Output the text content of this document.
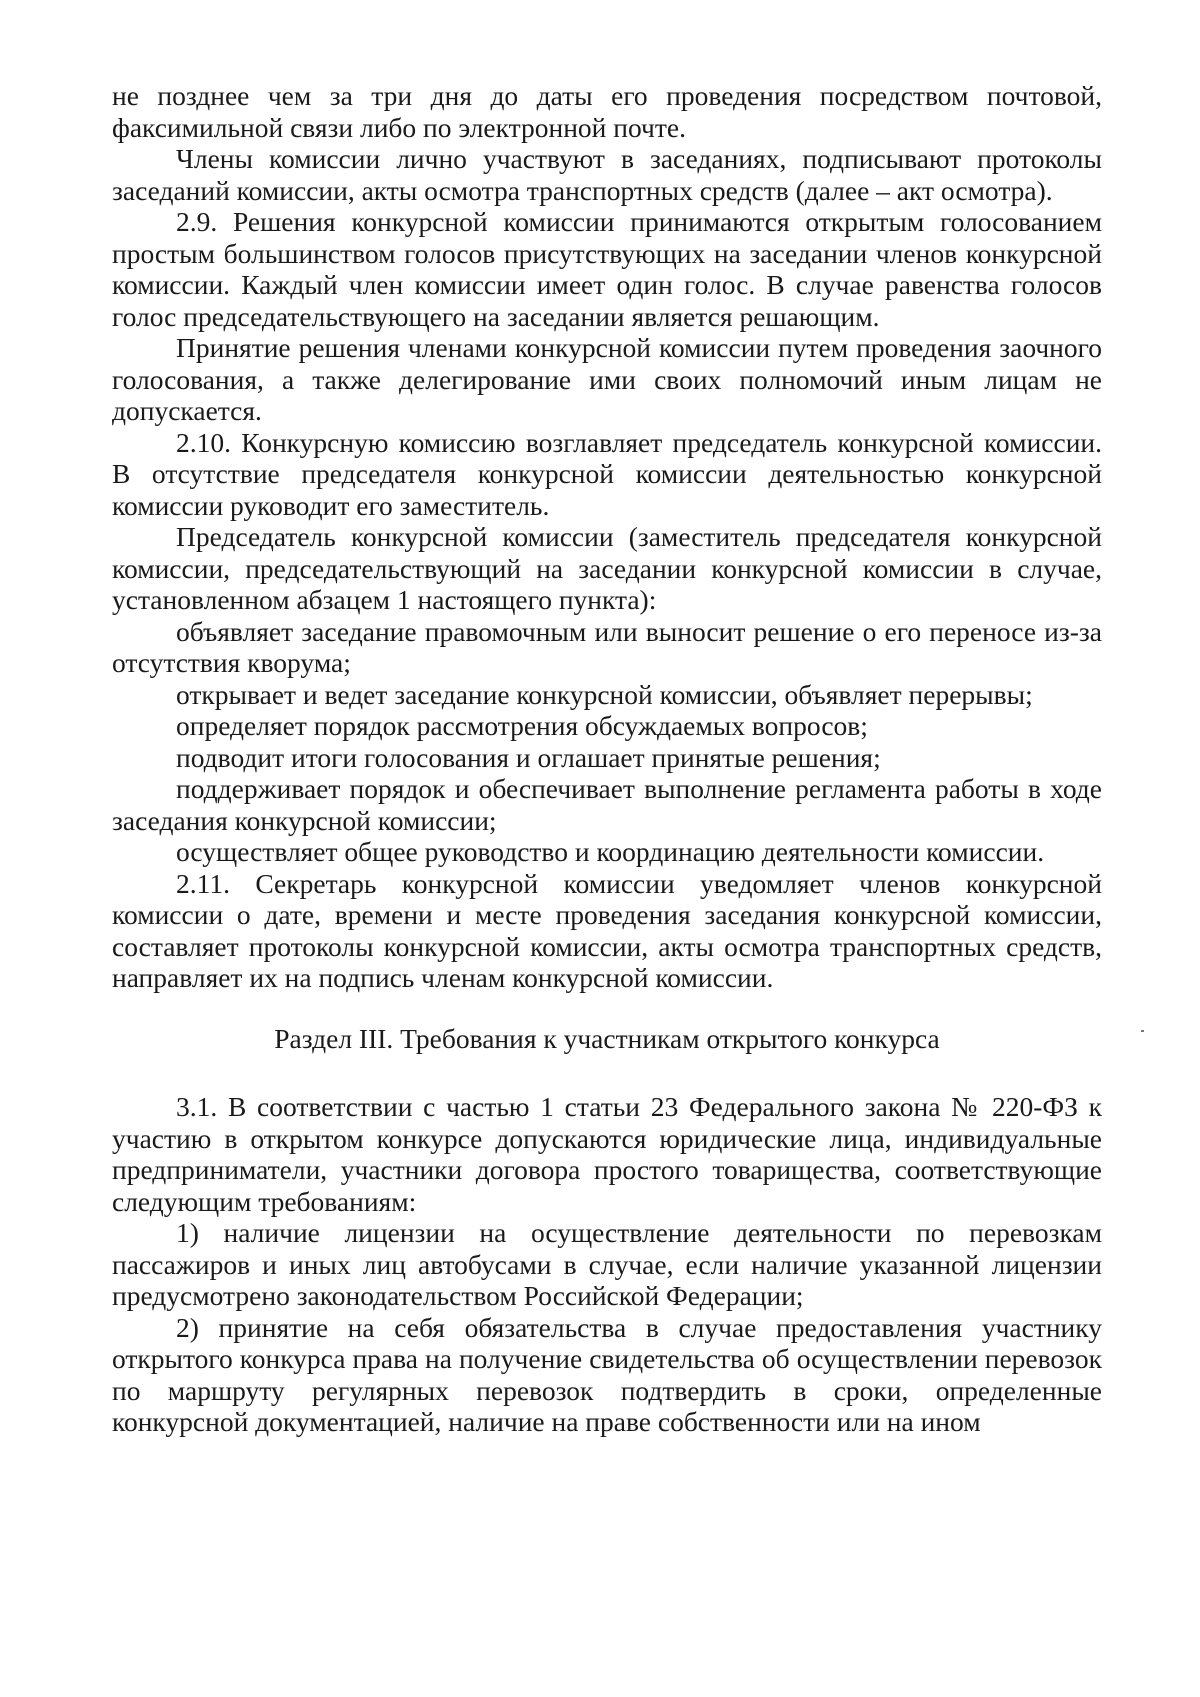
не позднее чем за три дня до даты его проведения посредством почтовой, факсимильной связи либо по электронной почте.

Члены комиссии лично участвуют в заседаниях, подписывают протоколы заседаний комиссии, акты осмотра транспортных средств (далее – акт осмотра).

2.9. Решения конкурсной комиссии принимаются открытым голосованием простым большинством голосов присутствующих на заседании членов конкурсной комиссии. Каждый член комиссии имеет один голос. В случае равенства голосов голос председательствующего на заседании является решающим.

Принятие решения членами конкурсной комиссии путем проведения заочного голосования, а также делегирование ими своих полномочий иным лицам не допускается.

2.10. Конкурсную комиссию возглавляет председатель конкурсной комиссии. В отсутствие председателя конкурсной комиссии деятельностью конкурсной комиссии руководит его заместитель.

Председатель конкурсной комиссии (заместитель председателя конкурсной комиссии, председательствующий на заседании конкурсной комиссии в случае, установленном абзацем 1 настоящего пункта):

объявляет заседание правомочным или выносит решение о его переносе из-за отсутствия кворума;

открывает и ведет заседание конкурсной комиссии, объявляет перерывы;

определяет порядок рассмотрения обсуждаемых вопросов;

подводит итоги голосования и оглашает принятые решения;

поддерживает порядок и обеспечивает выполнение регламента работы в ходе заседания конкурсной комиссии;

осуществляет общее руководство и координацию деятельности комиссии.

2.11. Секретарь конкурсной комиссии уведомляет членов конкурсной комиссии о дате, времени и месте проведения заседания конкурсной комиссии, составляет протоколы конкурсной комиссии, акты осмотра транспортных средств, направляет их на подпись членам конкурсной комиссии.

Раздел III. Требования к участникам открытого конкурса

3.1. В соответствии с частью 1 статьи 23 Федерального закона № 220-ФЗ к участию в открытом конкурсе допускаются юридические лица, индивидуальные предприниматели, участники договора простого товарищества, соответствующие следующим требованиям:

1) наличие лицензии на осуществление деятельности по перевозкам пассажиров и иных лиц автобусами в случае, если наличие указанной лицензии предусмотрено законодательством Российской Федерации;

2) принятие на себя обязательства в случае предоставления участнику открытого конкурса права на получение свидетельства об осуществлении перевозок по маршруту регулярных перевозок подтвердить в сроки, определенные конкурсной документацией, наличие на праве собственности или на ином
